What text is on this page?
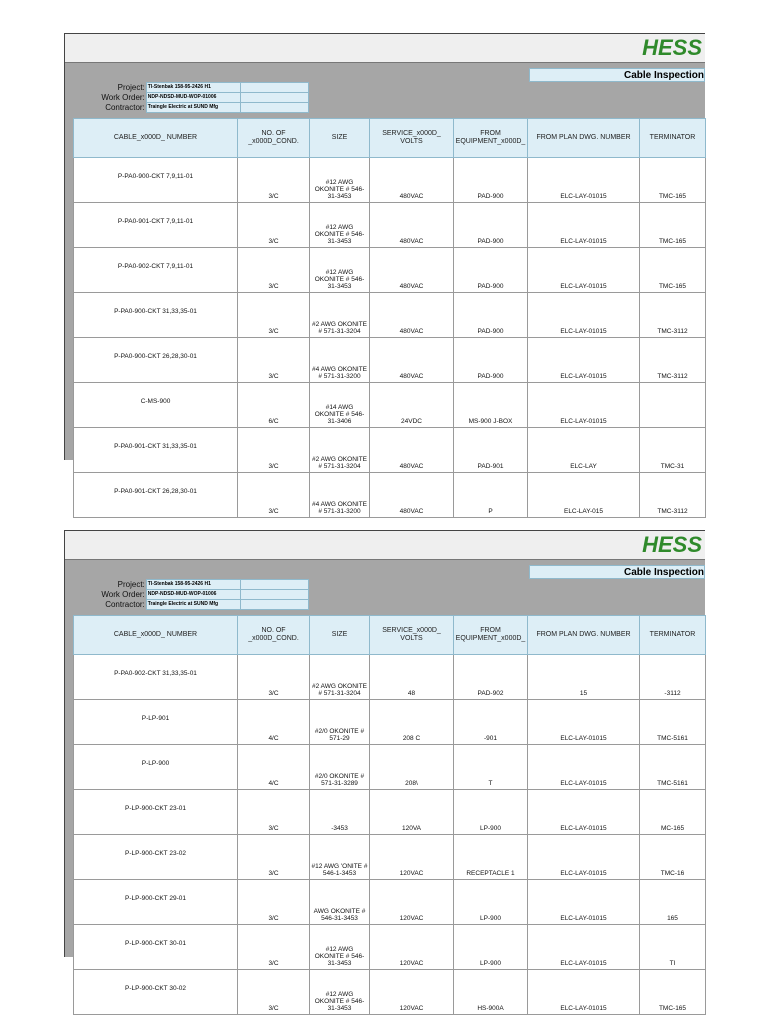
HESS
Cable Inspection
Project:	TI-Stenbak 158-95-2426 H1	
Work Order:	NDP-NDSD-MUD-WOP-01006	
Contractor:	Traingle Electric at SUND Mfg	
CABLE_x000D_ NUMBER	NO. OF _x000D_COND.	SIZE	SERVICE_x000D_ VOLTS	FROM EQUIPMENT_x000D_	FROM PLAN DWG. NUMBER	TERMINATOR
P-PA0-900-CKT 7,9,11-01	3/C	#12 AWG OKONITE # 546-31-3453	480VAC	PAD-900	ELC-LAY-01015	TMC-165
P-PA0-901-CKT 7,9,11-01	3/C	#12 AWG OKONITE # 546-31-3453	480VAC	PAD-900	ELC-LAY-01015	TMC-165
P-PA0-902-CKT 7,9,11-01	3/C	#12 AWG OKONITE # 546-31-3453	480VAC	PAD-900	ELC-LAY-01015	TMC-165
P-PA0-900-CKT 31,33,35-01	3/C	#2 AWG OKONITE # 571-31-3204	480VAC	PAD-900	ELC-LAY-01015	TMC-3112
P-PA0-900-CKT 26,28,30-01	3/C	#4 AWG OKONITE # 571-31-3200	480VAC	PAD-900	ELC-LAY-01015	TMC-3112
C-MS-900	6/C	#14 AWG OKONITE # 546-31-3406	24VDC	MS-900 J-BOX	ELC-LAY-01015	
P-PA0-901-CKT 31,33,35-01	3/C	#2 AWG OKONITE # 571-31-3204	480VAC	PAD-901	ELC-LAY	TMC-31
P-PA0-901-CKT 26,28,30-01	3/C	#4 AWG OKONITE # 571-31-3200	480VAC	P	ELC-LAY-015	TMC-3112
HESS
Cable Inspection
Project:	TI-Stenbak 158-95-2426 H1	
Work Order:	NDP-NDSD-MUD-WOP-01006	
Contractor:	Traingle Electric at SUND Mfg	
CABLE_x000D_ NUMBER	NO. OF _x000D_COND.	SIZE	SERVICE_x000D_ VOLTS	FROM EQUIPMENT_x000D_	FROM PLAN DWG. NUMBER	TERMINATOR
P-PA0-902-CKT 31,33,35-01	3/C	#2 AWG OKONITE # 571-31-3204	48	PAD-902	15	-3112
P-LP-901	4/C	#2/0 OKONITE # 571-29	208 C	-901	ELC-LAY-01015	TMC-5161
P-LP-900	4/C	#2/0 OKONITE # 571-31-3289	208\	T	ELC-LAY-01015	TMC-5161
P-LP-900-CKT 23-01	3/C	-3453	120VA	LP-900	ELC-LAY-01015	MC-165
P-LP-900-CKT 23-02	3/C	#12 AWG 'ONITE # 546-1-3453	120VAC	RECEPTACLE 1	ELC-LAY-01015	TMC-16
P-LP-900-CKT 29-01	3/C	AWG OKONITE # 546-31-3453	120VAC	LP-900	ELC-LAY-01015	165
P-LP-900-CKT 30-01	3/C	#12 AWG OKONITE # 546-31-3453	120VAC	LP-900	ELC-LAY-01015	TI
P-LP-900-CKT 30-02	3/C	#12 AWG OKONITE # 546-31-3453	120VAC	HS-900A	ELC-LAY-01015	TMC-165
